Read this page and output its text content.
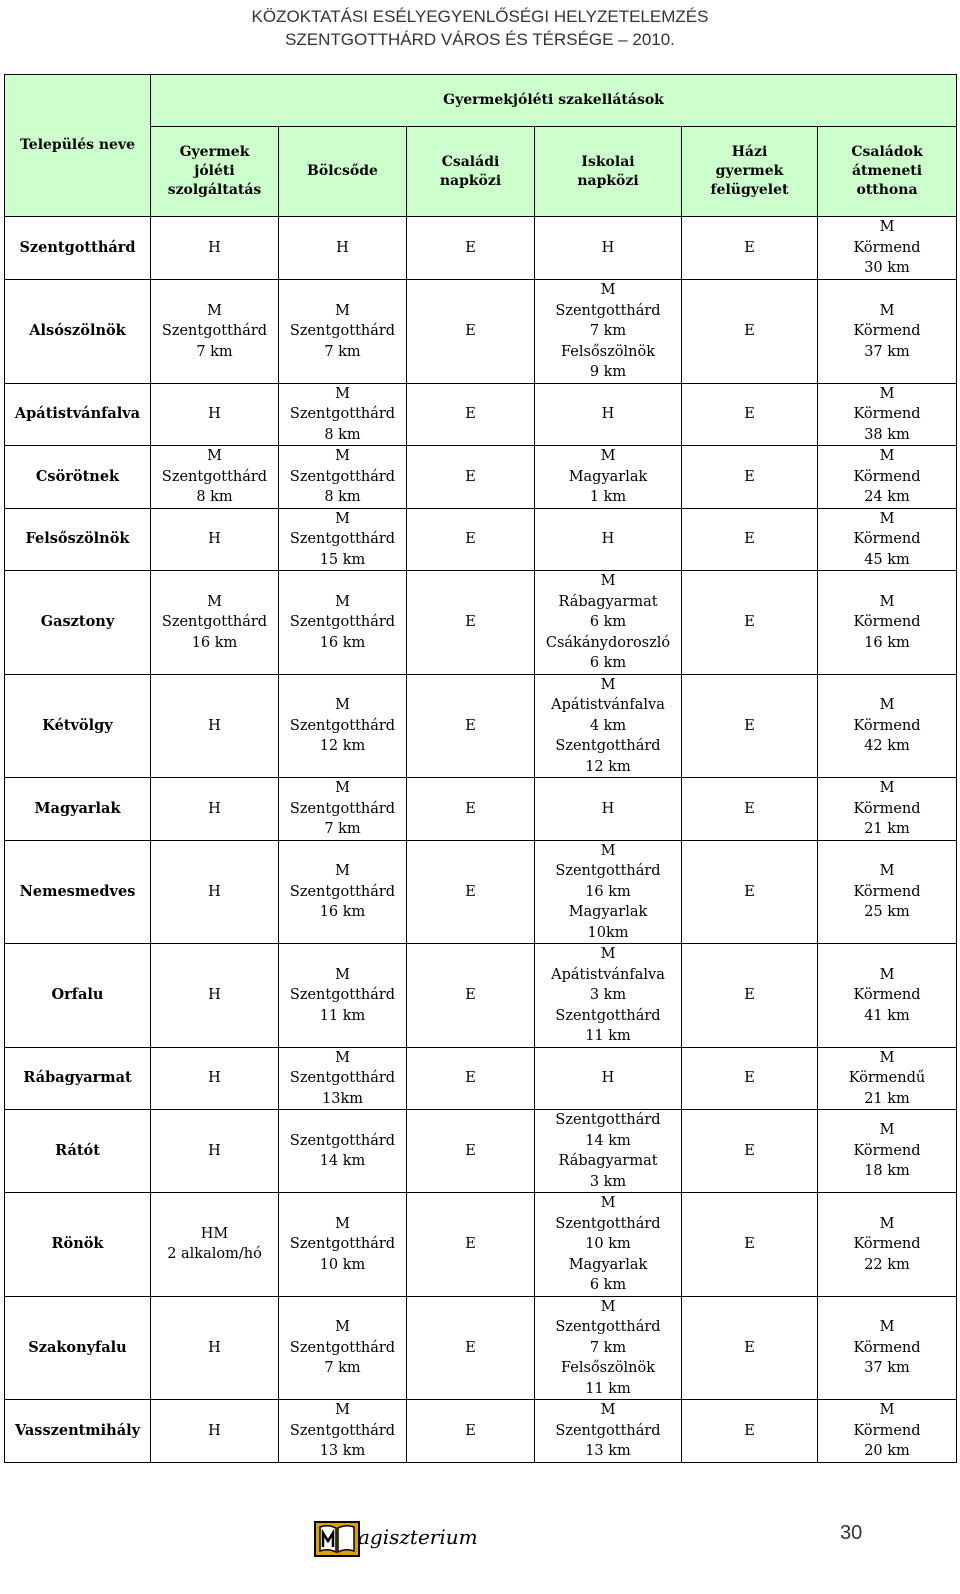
KÖZOKTATÁSI ESÉLYEGYENLŐSÉGI HELYZETELEMZÉS
SZENTGOTTHÁRD VÁROS ÉS TÉRSÉGE – 2010.
Település neve	Gyermekjóléti szakellátások					

	Gyermek
jóléti
szolgáltatás	Bölcsőde	Családi
napközi	Iskolai
napközi	Házi
gyermek
felügyelet	Családok
átmeneti
otthona

Szentgotthárd	H	H	E	H	E	M
Körmend
30 km

Alsószölnök	M
Szentgotthárd
7 km	M
Szentgotthárd
7 km	E	M
Szentgotthárd
7 km
Felsőszölnök
9 km	E	M
Körmend
37 km

Apátistvánfalva	H	M
Szentgotthárd
8 km	E	H	E	M
Körmend
38 km

Csörötnek	M
Szentgotthárd
8 km	M
Szentgotthárd
8 km	E	M
Magyarlak
1 km	E	M
Körmend
24 km

Felsőszölnök	H	M
Szentgotthárd
15 km	E	H	E	M
Körmend
45 km

Gasztony	M
Szentgotthárd
16 km	M
Szentgotthárd
16 km	E	M
Rábagyarmat
6 km
Csákánydoroszló
6 km	E	M
Körmend
16 km

Kétvölgy	H	M
Szentgotthárd
12 km	E	M
Apátistvánfalva
4 km
Szentgotthárd
12 km	E	M
Körmend
42 km

Magyarlak	H	M
Szentgotthárd
7 km	E	H	E	M
Körmend
21 km

Nemesmedves	H	M
Szentgotthárd
16 km	E	M
Szentgotthárd
16 km
Magyarlak
10km	E	M
Körmend
25 km

Orfalu	H	M
Szentgotthárd
11 km	E	M
Apátistvánfalva
3 km
Szentgotthárd
11 km	E	M
Körmend
41 km

Rábagyarmat	H	M
Szentgotthárd
13km	E	H	E	M
Körmendű
21 km

Rátót	H	Szentgotthárd
14 km	E	Szentgotthárd
14 km
Rábagyarmat
3 km	E	M
Körmend
18 km

Rönök	HM
2 alkalom/hó	M
Szentgotthárd
10 km	E	M
Szentgotthárd
10 km
Magyarlak
6 km	E	M
Körmend
22 km

Szakonyfalu	H	M
Szentgotthárd
7 km	E	M
Szentgotthárd
7 km
Felsőszölnök
11 km	E	M
Körmend
37 km

Vasszentmihály	H	M
Szentgotthárd
13 km	E	M
Szentgotthárd
13 km	E	M
Körmend
20 km
agiszterium	30
